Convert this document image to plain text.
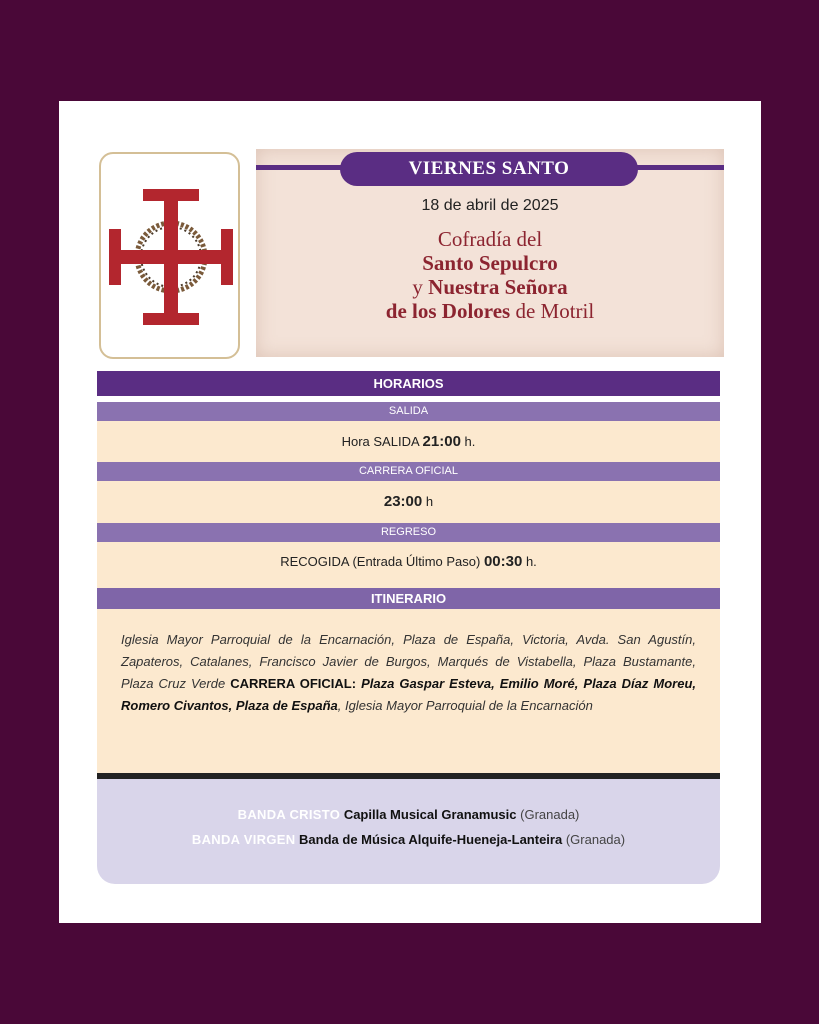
VIERNES SANTO
18 de abril de 2025
Cofradía del
Santo Sepulcro
y Nuestra Señora
de los Dolores de Motril
HORARIOS
SALIDA
Hora SALIDA 21:00 h.
CARRERA OFICIAL
23:00 h
REGRESO
RECOGIDA (Entrada Último Paso) 00:30 h.
ITINERARIO
Iglesia Mayor Parroquial de la Encarnación, Plaza de España, Victoria, Avda. San Agustín, Zapateros, Catalanes, Francisco Javier de Burgos, Marqués de Vistabella, Plaza Bustamante, Plaza Cruz Verde CARRERA OFICIAL: Plaza Gaspar Esteva, Emilio Moré, Plaza Díaz Moreu, Romero Civantos, Plaza de España, Iglesia Mayor Parroquial de la Encarnación
BANDA CRISTO Capilla Musical Granamusic (Granada)
BANDA VIRGEN Banda de Música Alquife-Hueneja-Lanteira (Granada)
